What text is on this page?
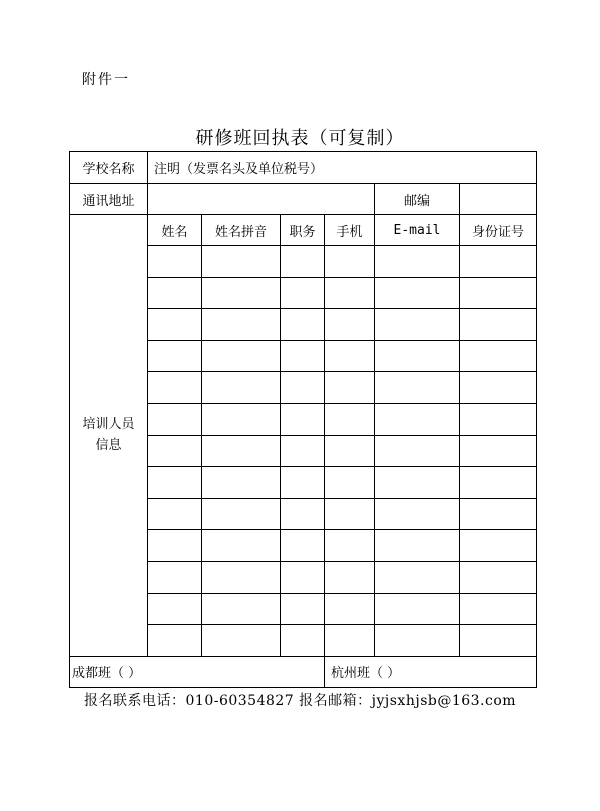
附件一
研修班回执表（可复制）
学校名称	注明（发票名头及单位税号）					
通讯地址					邮编	
培训人员
信息	姓名	姓名拼音	职务	手机	E-mail	身份证号

成都班（ ）				杭州班（ ）		
报名联系电话：010-60354827 报名邮箱：jyjsxhjsb@163.com
